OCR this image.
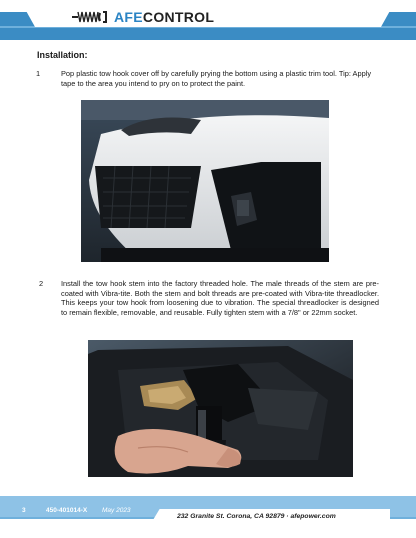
AFE CONTROL
Installation:
1	Pop plastic tow hook cover off by carefully prying the bottom using a plastic trim tool. Tip: Apply tape to the area you intend to pry on to protect the paint.
2 Install the tow hook stem into the factory threaded hole. The male threads of the stem are pre-coated with Vibra-tite. Both the stem and bolt threads are pre-coated with Vibra-tite threadlocker. This keeps your tow hook from loosening due to vibration. The special threadlocker is designed to remain flexible, removable, and reusable. Fully tighten stem with a 7/8" or 22mm socket.
3	450-401014-X May 2023
232 Granite St. Corona, CA 92879 · afepower.com
